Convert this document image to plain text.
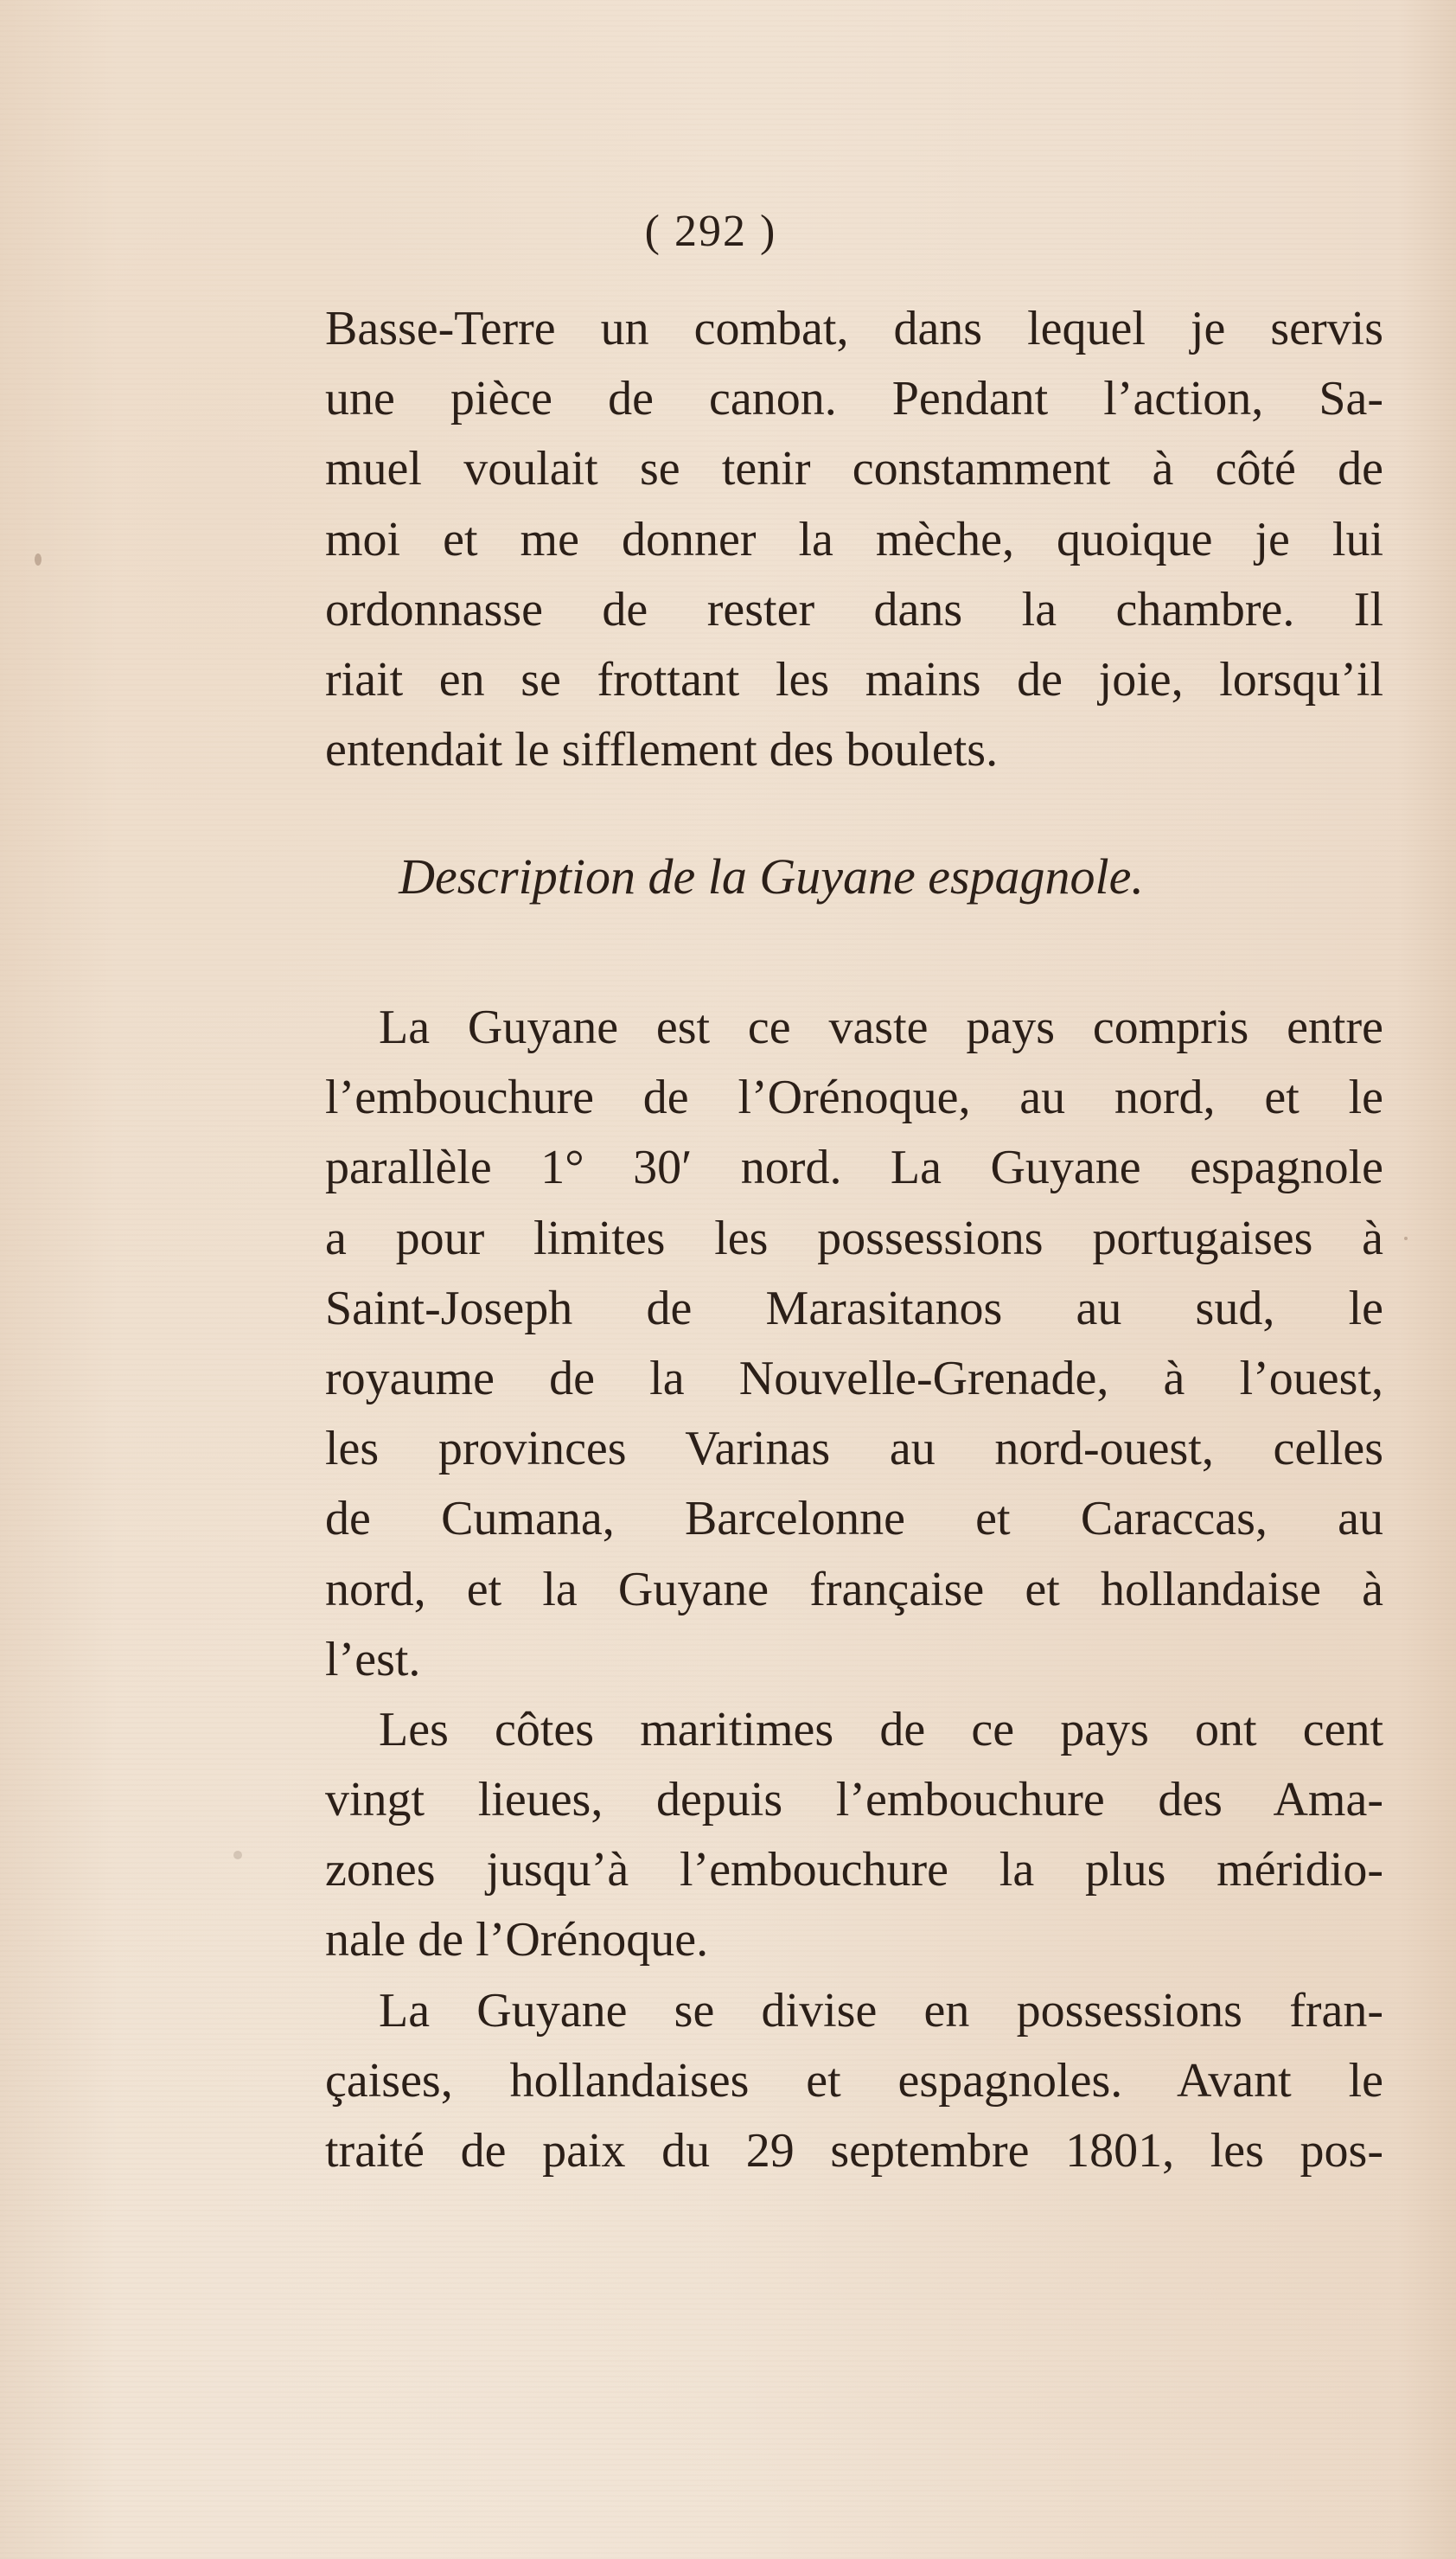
( 292 )
Basse-Terre un combat, dans lequel je servis
une pièce de canon. Pendant l’action, Sa-
muel voulait se tenir constamment à côté de
moi et me donner la mèche, quoique je lui
ordonnasse de rester dans la chambre. Il
riait en se frottant les mains de joie, lorsqu’il
entendait le sifflement des boulets.
Description de la Guyane espagnole.
La Guyane est ce vaste pays compris entre
l’embouchure de l’Orénoque, au nord, et le
parallèle 1° 30′ nord. La Guyane espagnole
a pour limites les possessions portugaises à
Saint-Joseph de Marasitanos au sud, le
royaume de la Nouvelle-Grenade, à l’ouest,
les provinces Varinas au nord-ouest, celles
de Cumana, Barcelonne et Caraccas, au
nord, et la Guyane française et hollandaise à
l’est.
Les côtes maritimes de ce pays ont cent
vingt lieues, depuis l’embouchure des Ama-
zones jusqu’à l’embouchure la plus méridio-
nale de l’Orénoque.
La Guyane se divise en possessions fran-
çaises, hollandaises et espagnoles. Avant le
traité de paix du 29 septembre 1801, les pos-
